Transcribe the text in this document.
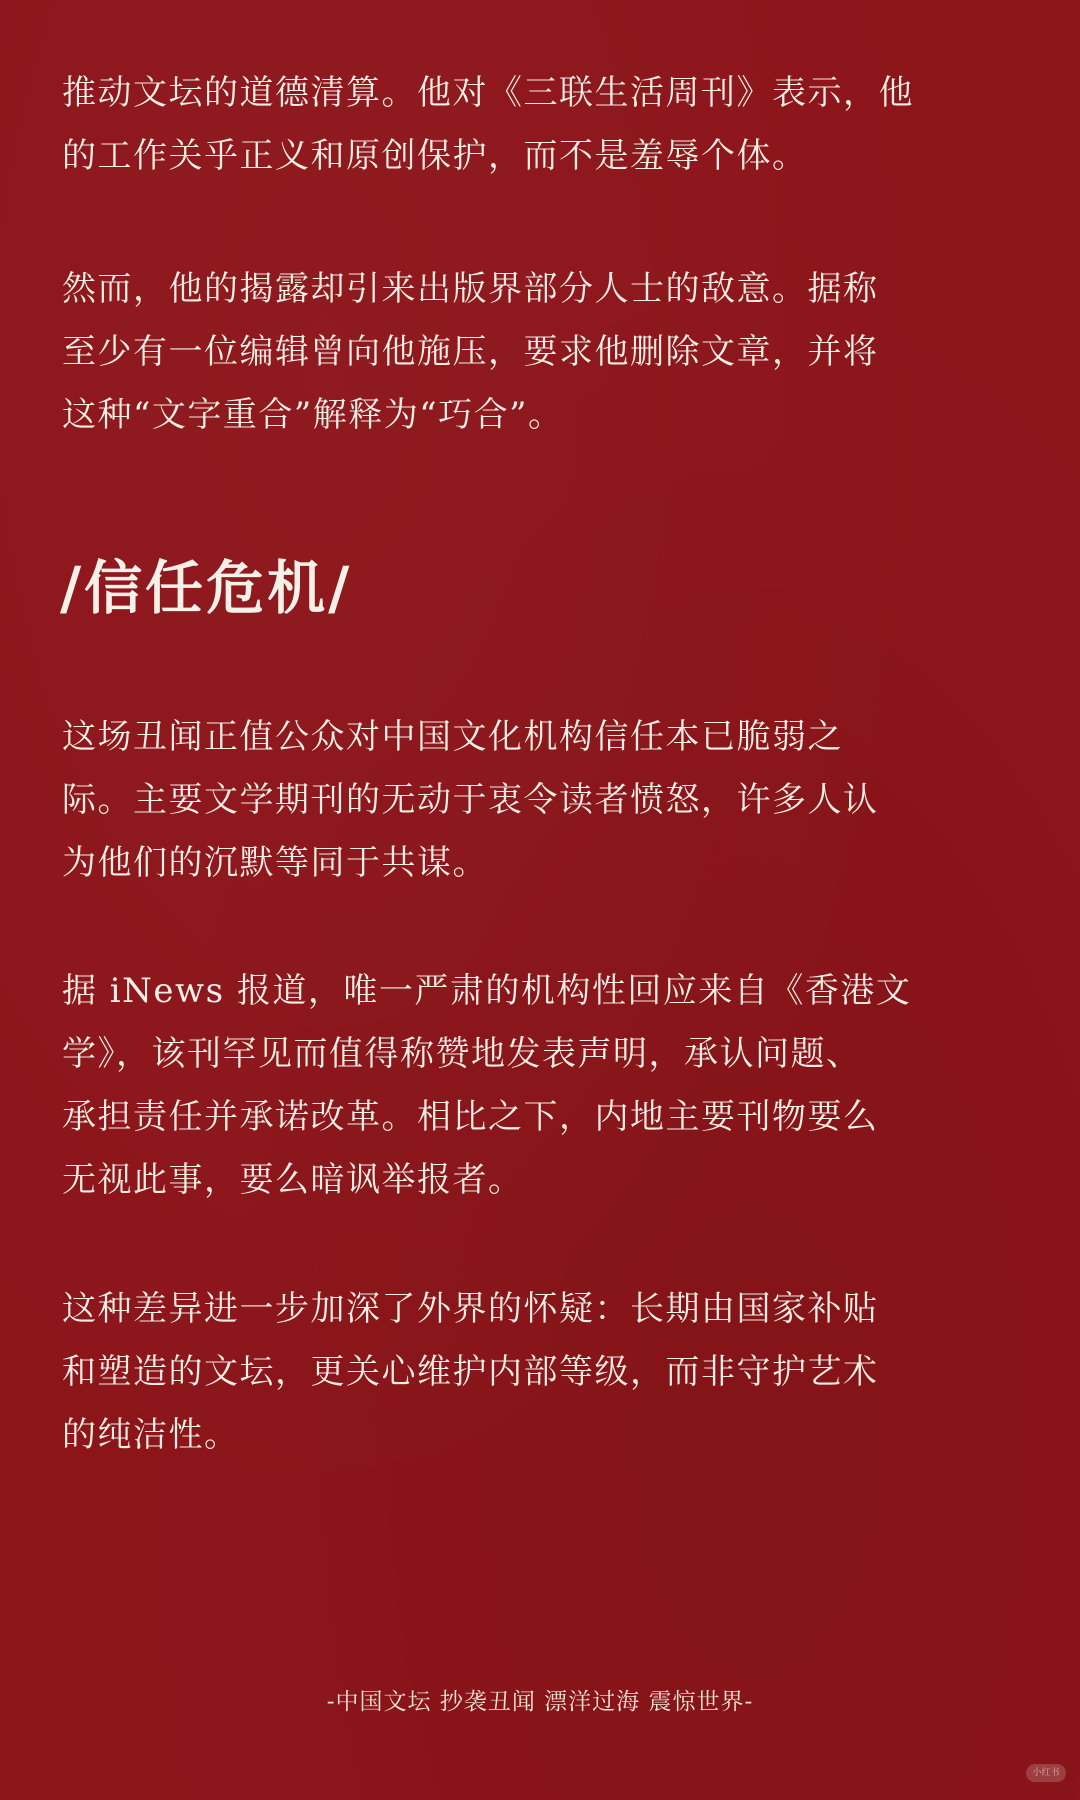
推动文坛的道德清算。他对《三联生活周刊》表示，他
的工作关乎正义和原创保护，而不是羞辱个体。

然而，他的揭露却引来出版界部分人士的敌意。据称
至少有一位编辑曾向他施压，要求他删除文章，并将
这种“文字重合”解释为“巧合”。

/信任危机/

这场丑闻正值公众对中国文化机构信任本已脆弱之
际。主要文学期刊的无动于衷令读者愤怒，许多人认
为他们的沉默等同于共谋。

据 iNews 报道，唯一严肃的机构性回应来自《香港文
学》，该刊罕见而值得称赞地发表声明，承认问题、
承担责任并承诺改革。相比之下，内地主要刊物要么
无视此事，要么暗讽举报者。

这种差异进一步加深了外界的怀疑：长期由国家补贴
和塑造的文坛，更关心维护内部等级，而非守护艺术
的纯洁性。

-中国文坛 抄袭丑闻 漂洋过海 震惊世界-
小红书
